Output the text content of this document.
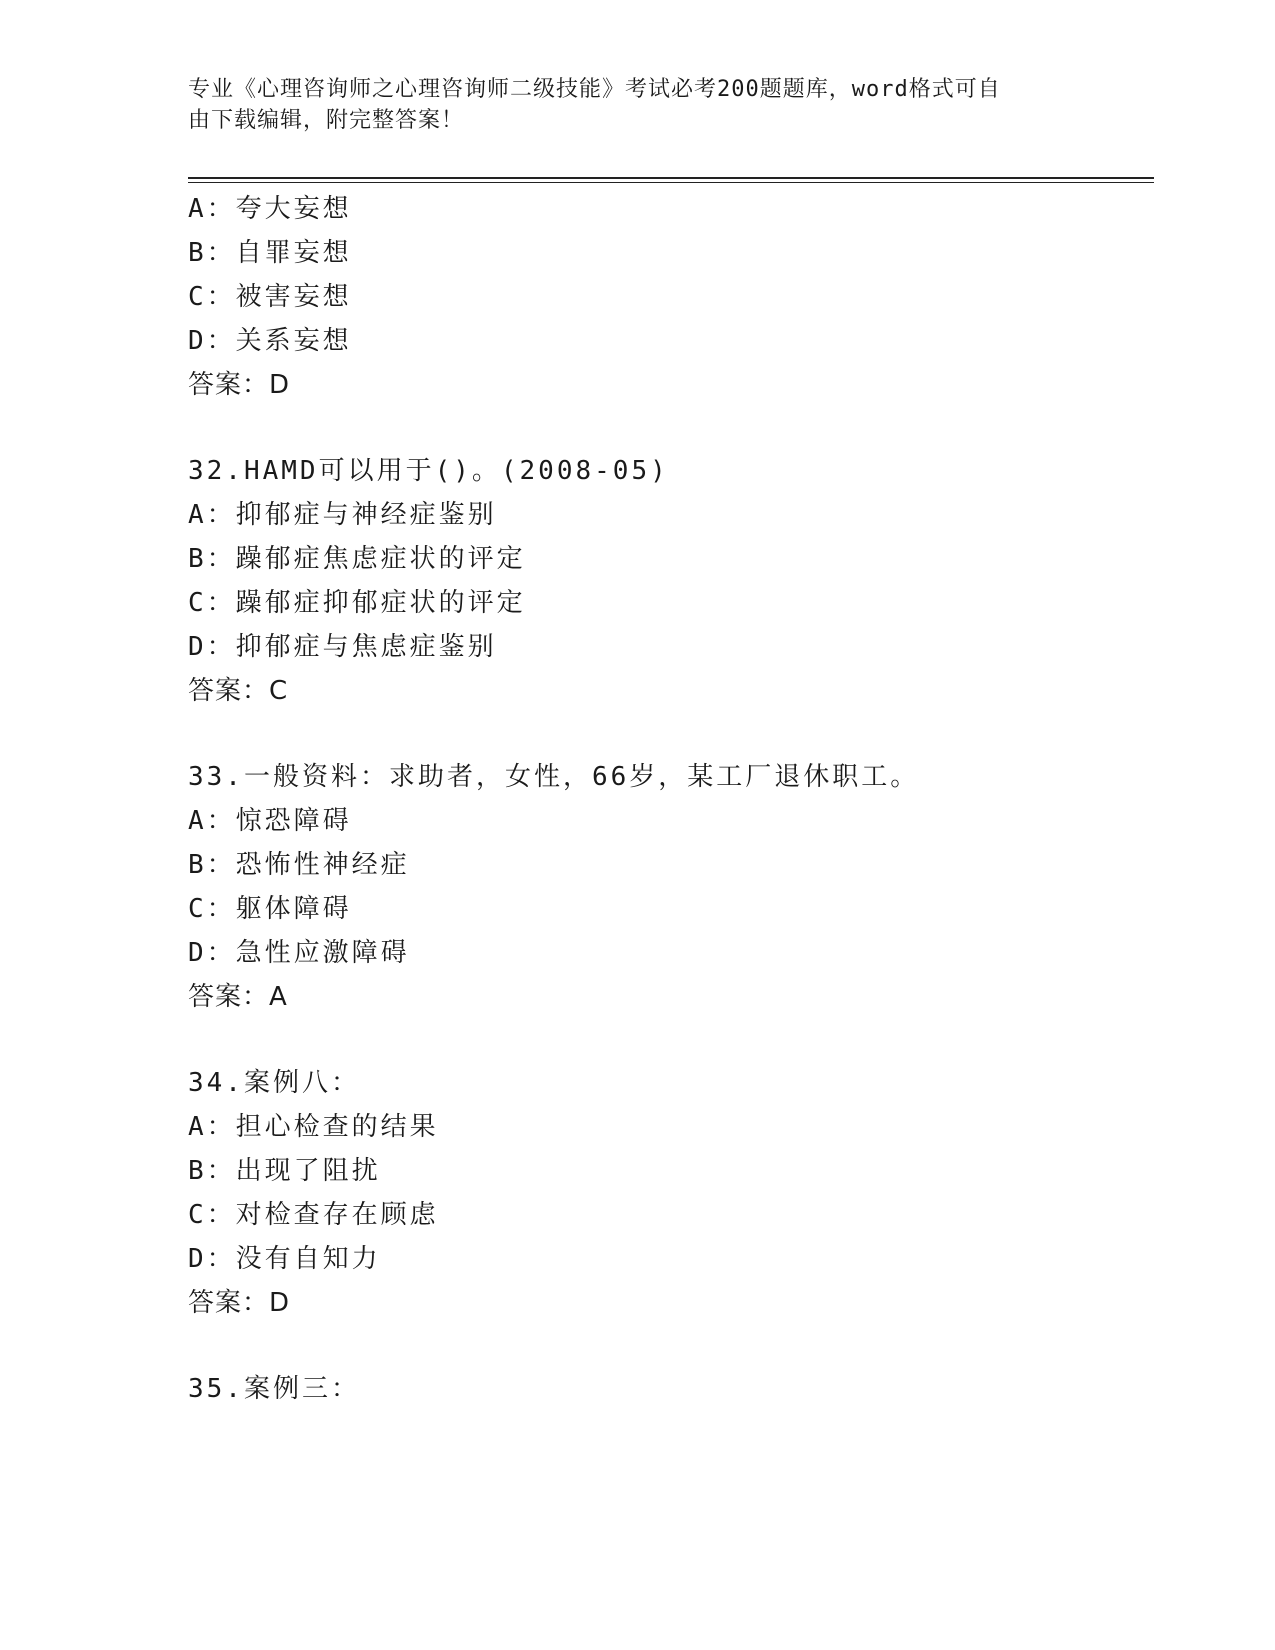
专业《心理咨询师之心理咨询师二级技能》考试必考200题题库，word格式可自
由下载编辑，附完整答案！
A：夸大妄想
B：自罪妄想
C：被害妄想
D：关系妄想
答案：D
32.HAMD可以用于()。(2008-05)
A：抑郁症与神经症鉴别
B：躁郁症焦虑症状的评定
C：躁郁症抑郁症状的评定
D：抑郁症与焦虑症鉴别
答案：C
33.一般资料：求助者，女性，66岁，某工厂退休职工。
A：惊恐障碍
B：恐怖性神经症
C：躯体障碍
D：急性应激障碍
答案：A
34.案例八：
A：担心检查的结果
B：出现了阻扰
C：对检查存在顾虑
D：没有自知力
答案：D
35.案例三：
